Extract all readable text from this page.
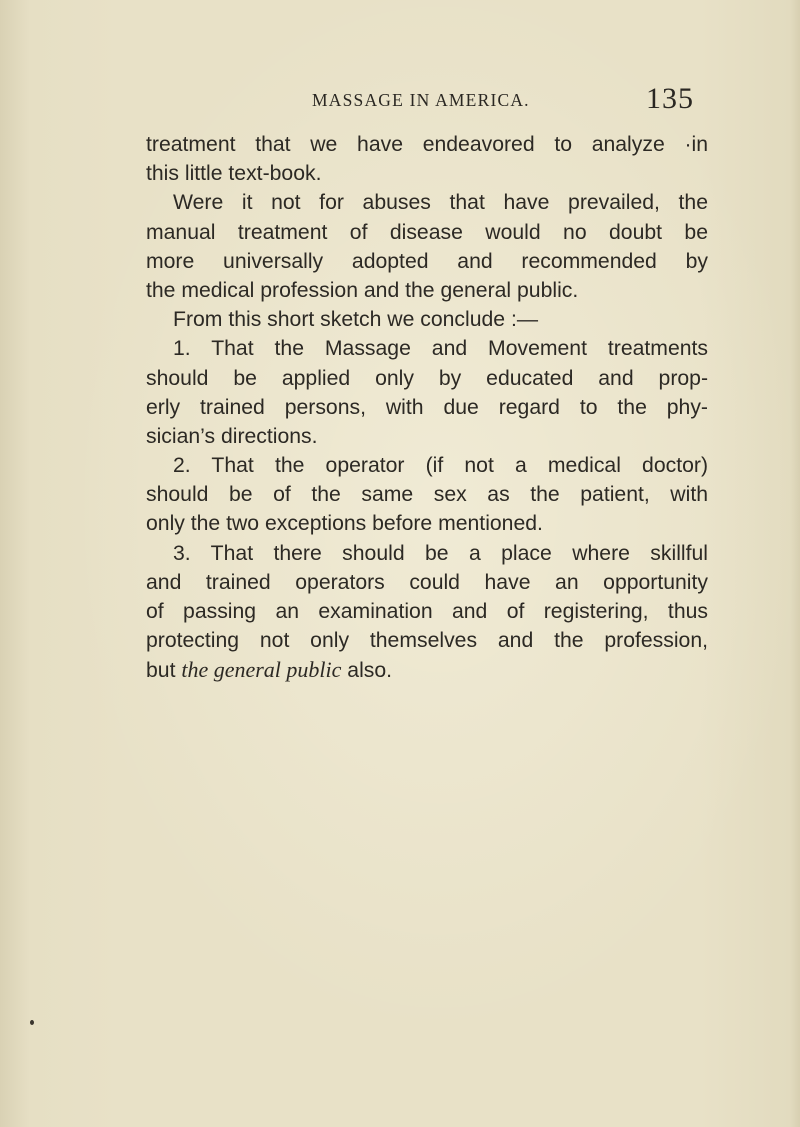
MASSAGE IN AMERICA.	135
treatment that we have endeavored to analyze ·in
this little text-book.
Were it not for abuses that have prevailed, the
manual treatment of disease would no doubt be
more universally adopted and recommended by
the medical profession and the general public.
From this short sketch we conclude :—
1. That the Massage and Movement treatments
should be applied only by educated and prop-
erly trained persons, with due regard to the phy-
sician’s directions.
2. That the operator (if not a medical doctor)
should be of the same sex as the patient, with
only the two exceptions before mentioned.
3. That there should be a place where skillful
and trained operators could have an opportunity
of passing an examination and of registering, thus
protecting not only themselves and the profession,
but the general public also.
